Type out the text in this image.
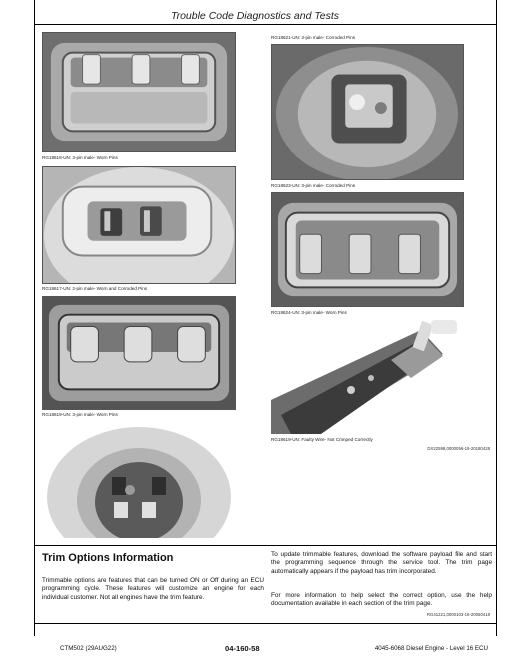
Trouble Code Diagnostics and Tests
RG18618-UN: 3-pin male- Worn Pins
RG18617-UN: 2-pin male- Worn and Corroded Pins
RG18619-UN: 3-pin male- Worn Pins
RG18621-UN: 3-pin male- Corroded Pins
RG18623-UN: 3-pin male- Corroded Pins
RG18624-UN: 3-pin male- Worn Pins
RG18619-UN: Faulty Wire- Not Crimped Correctly
DX22598,0000056-19-20180428
Trim Options Information
Trimmable options are features that can be turned ON or Off during an ECU programming cycle. These features will customize an engine for each individual customer. Not all engines have the trim feature.
To update trimmable features, download the software payload file and start the programming sequence through the service tool. The trim page automatically appears if the payload has trim incorporated.
For more information to help select the correct option, use the help documentation available in each section of the trim page.
RG41221,0000103-19-20060418
CTM502 (29AUG22)	04-160-58	4045-6068 Diesel Engine - Level 16 ECU
